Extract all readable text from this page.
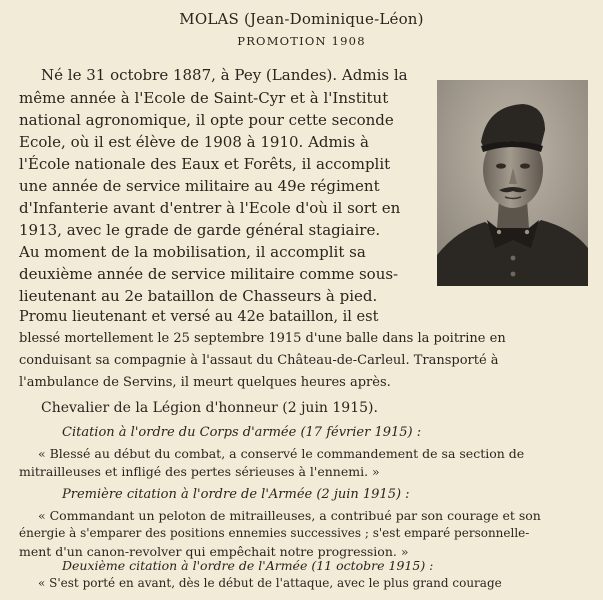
MOLAS (Jean-Dominique-Léon)
PROMOTION 1908
Né le 31 octobre 1887, à Pey (Landes). Admis la
même année à l'Ecole de Saint-Cyr et à l'Institut
national agronomique, il opte pour cette seconde
Ecole, où il est élève de 1908 à 1910. Admis à
l'École nationale des Eaux et Forêts, il accomplit
une année de service militaire au 49e régiment
d'Infanterie avant d'entrer à l'Ecole d'où il sort en
1913, avec le grade de garde général stagiaire.
Au moment de la mobilisation, il accomplit sa
deuxième année de service militaire comme sous-
lieutenant au 2e bataillon de Chasseurs à pied.
Promu lieutenant et versé au 42e bataillon, il est
blessé mortellement le 25 septembre 1915 d'une balle dans la poitrine en
conduisant sa compagnie à l'assaut du Château-de-Carleul. Transporté à
l'ambulance de Servins, il meurt quelques heures après.
Chevalier de la Légion d'honneur (2 juin 1915).
Citation à l'ordre du Corps d'armée (17 février 1915) :
« Blessé au début du combat, a conservé le commandement de sa section de
mitrailleuses et infligé des pertes sérieuses à l'ennemi. »
Première citation à l'ordre de l'Armée (2 juin 1915) :
« Commandant un peloton de mitrailleuses, a contribué par son courage et son
énergie à s'emparer des positions ennemies successives ; s'est emparé personnelle-
ment d'un canon-revolver qui empêchait notre progression. »
Deuxième citation à l'ordre de l'Armée (11 octobre 1915) :
« S'est porté en avant, dès le début de l'attaque, avec le plus grand courage
